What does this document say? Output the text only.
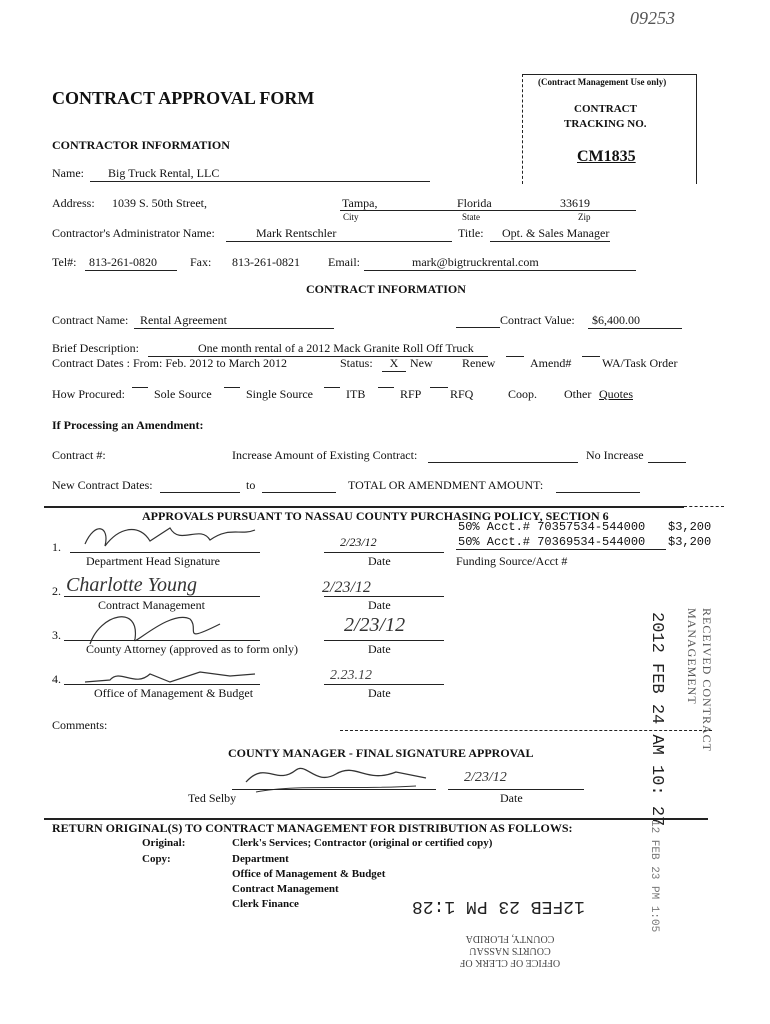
09253
CONTRACT APPROVAL FORM
(Contract Management Use only)
CONTRACT
TRACKING NO.
CM1835
CONTRACTOR INFORMATION
Name:	Big Truck Rental, LLC
Address: 1039 S. 50th Street,	Tampa,
City
Florida
State
33619
Zip
Contractor's Administrator Name:	Mark Rentschler	Title:	Opt. & Sales Manager
Tel#:	813-261-0820	Fax: 813-261-0821 Email:	mark@bigtruckrental.com
CONTRACT INFORMATION
Contract Name: Rental Agreement	Contract Value:	$6,400.00
Brief Description:	One month rental of a 2012 Mack Granite Roll Off Truck
Contract Dates : From: Feb. 2012 to March 2012	Status:	X New Renew	Amend#	WA/Task Order
How Procured: Sole Source	Single Source	ITB	RFP RFQ	Coop. Other Quotes
If Processing an Amendment:
Contract #:	Increase Amount of Existing Contract:	No Increase
New Contract Dates:	to	TOTAL OR AMENDMENT AMOUNT:
APPROVALS PURSUANT TO NASSAU COUNTY PURCHASING POLICY, SECTION 6
50% Acct.# 70357534-544000 $3,200
50% Acct.# 70369534-544000 $3,200
Funding Source/Acct #
1.
Department Head Signature
2/23/12
Date
2. Charlotte Young
Contract Management
2/23/12
Date
3.
County Attorney (approved as to form only)
2/23/12
Date
4.
Office of Management & Budget
2.23.12
Date
Comments:
COUNTY MANAGER - FINAL SIGNATURE APPROVAL
Ted Selby
2/23/12
Date
RETURN ORIGINAL(S) TO CONTRACT MANAGEMENT FOR DISTRIBUTION AS FOLLOWS:
Original:	Clerk's Services; Contractor (original or certified copy)
Copy:	Department
Office of Management & Budget
Contract Management
Clerk Finance
2012 FEB 24 AM 10: 27	RECEIVED CONTRACT MANAGEMENT
12FEB 23 PM 1:28
OFFICE OF CLERK OF COURTS NASSAU COUNTY, FLORIDA
12 FEB 23 PM 1:05
